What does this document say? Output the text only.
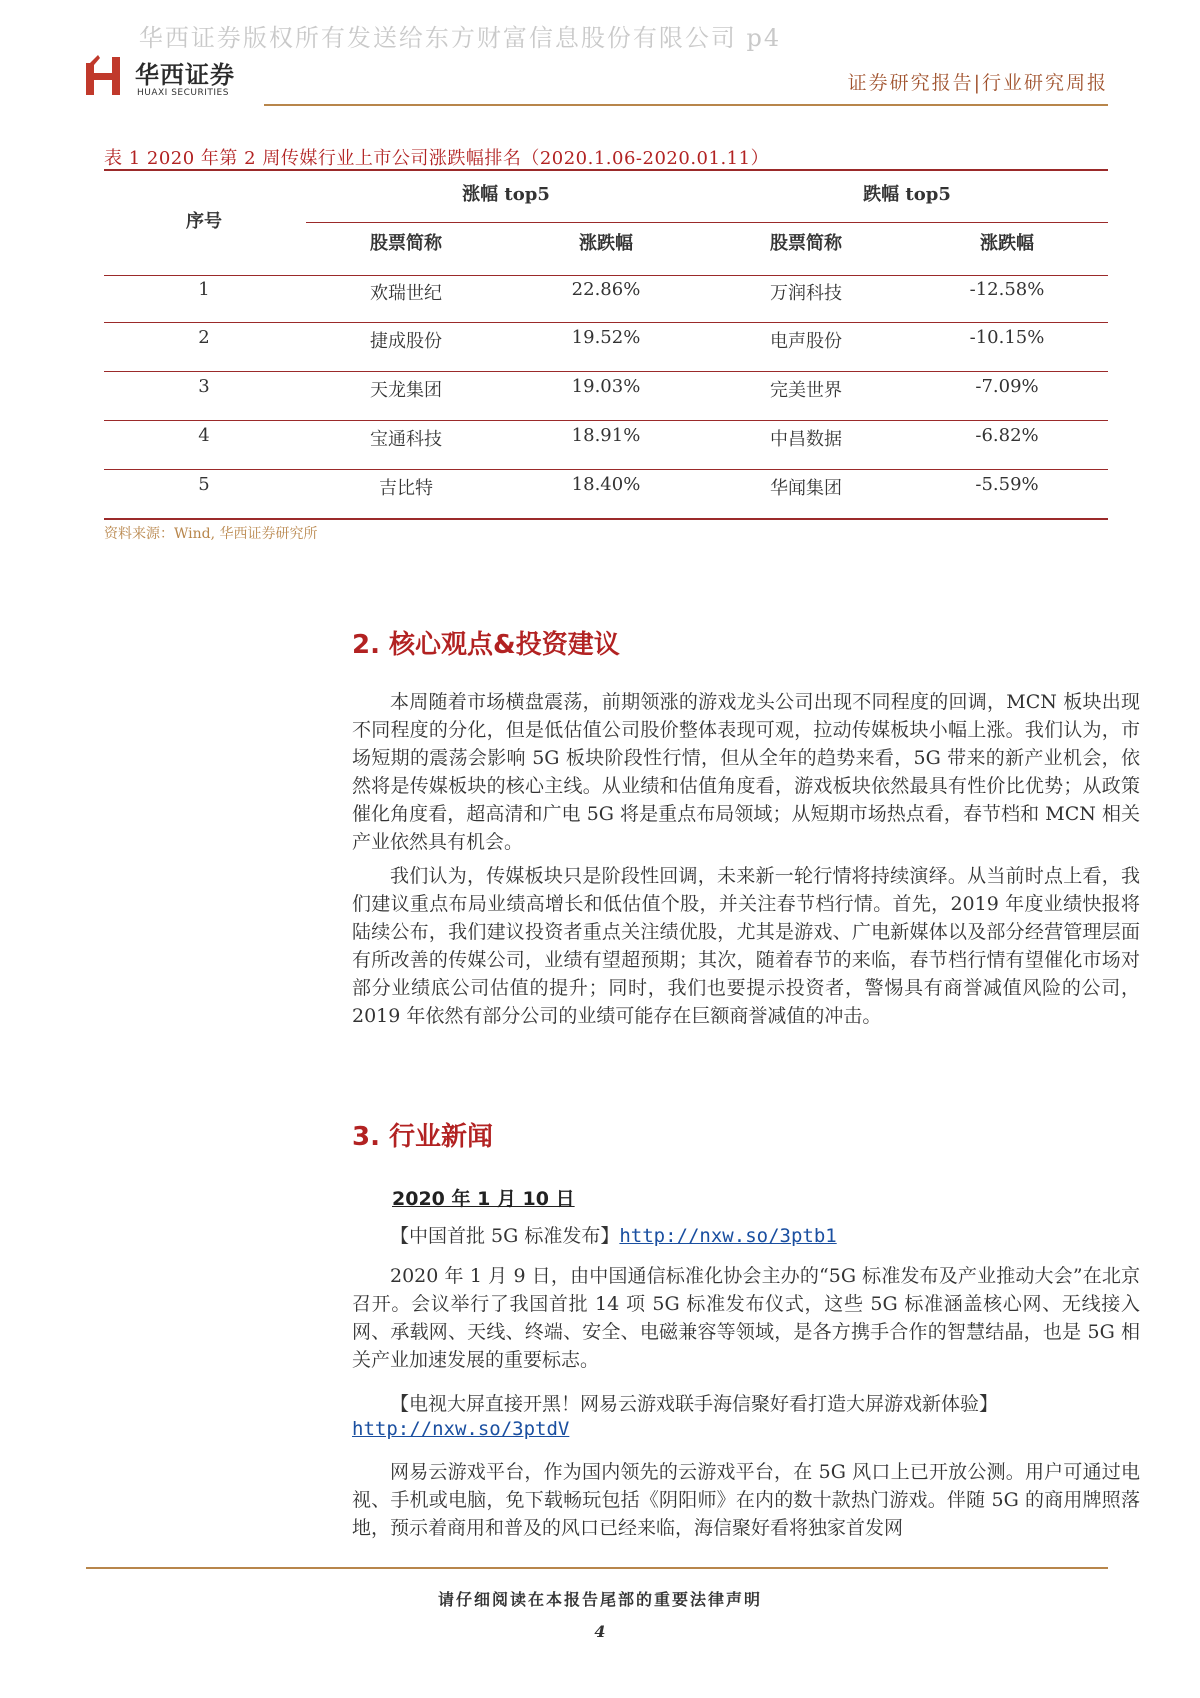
华西证券版权所有发送给东方财富信息股份有限公司 p4
华西证券
HUAXI SECURITIES	证券研究报告|行业研究周报
表 1 2020 年第 2 周传媒行业上市公司涨跌幅排名（2020.1.06-2020.01.11）
序号
涨幅 top5	跌幅 top5
股票简称	涨跌幅	股票简称	涨跌幅
1	欢瑞世纪	22.86%	万润科技	-12.58%
2	捷成股份	19.52%	电声股份	-10.15%
3	天龙集团	19.03%	完美世界	-7.09%
4	宝通科技	18.91%	中昌数据	-6.82%
5	吉比特	18.40%	华闻集团	-5.59%
资料来源：Wind, 华西证券研究所
2. 核心观点&投资建议

本周随着市场横盘震荡，前期领涨的游戏龙头公司出现不同程度的回调，MCN 板块出现不同程度的分化，但是低估值公司股价整体表现可观，拉动传媒板块小幅上涨。我们认为，市场短期的震荡会影响 5G 板块阶段性行情，但从全年的趋势来看，5G 带来的新产业机会，依然将是传媒板块的核心主线。从业绩和估值角度看，游戏板块依然最具有性价比优势；从政策催化角度看，超高清和广电 5G 将是重点布局领域；从短期市场热点看，春节档和 MCN 相关产业依然具有机会。

我们认为，传媒板块只是阶段性回调，未来新一轮行情将持续演绎。从当前时点上看，我们建议重点布局业绩高增长和低估值个股，并关注春节档行情。首先，2019 年度业绩快报将陆续公布，我们建议投资者重点关注绩优股，尤其是游戏、广电新媒体以及部分经营管理层面有所改善的传媒公司，业绩有望超预期；其次，随着春节的来临，春节档行情有望催化市场对部分业绩底公司估值的提升；同时，我们也要提示投资者，警惕具有商誉减值风险的公司，2019 年依然有部分公司的业绩可能存在巨额商誉减值的冲击。

3. 行业新闻
2020 年 1 月 10 日

【中国首批 5G 标准发布】http://nxw.so/3ptb1

2020 年 1 月 9 日，由中国通信标准化协会主办的“5G 标准发布及产业推动大会”在北京召开。会议举行了我国首批 14 项 5G 标准发布仪式，这些 5G 标准涵盖核心网、无线接入网、承载网、天线、终端、安全、电磁兼容等领域，是各方携手合作的智慧结晶，也是 5G 相关产业加速发展的重要标志。

【电视大屏直接开黑！网易云游戏联手海信聚好看打造大屏游戏新体验】

http://nxw.so/3ptdV

网易云游戏平台，作为国内领先的云游戏平台，在 5G 风口上已开放公测。用户可通过电视、手机或电脑，免下载畅玩包括《阴阳师》在内的数十款热门游戏。伴随 5G 的商用牌照落地，预示着商用和普及的风口已经来临，海信聚好看将独家首发网

请仔细阅读在本报告尾部的重要法律声明
4
